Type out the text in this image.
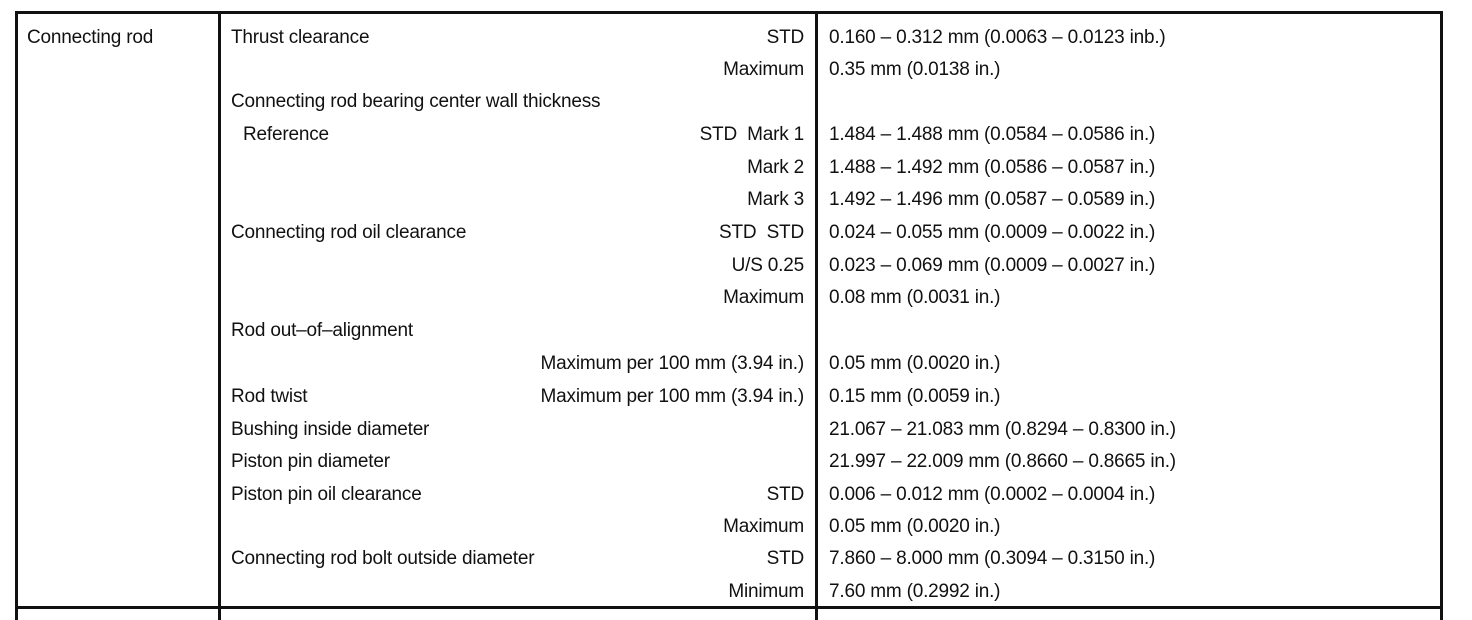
Connecting rod	Thrust clearance	STD 0.160 – 0.312 mm (0.0063 – 0.0123 inb.)
Maximum 0.35 mm (0.0138 in.)
Connecting rod bearing center wall thickness
Reference	STD  Mark 1 1.484 – 1.488 mm (0.0584 – 0.0586 in.)
Mark 2 1.488 – 1.492 mm (0.0586 – 0.0587 in.)
Mark 3 1.492 – 1.496 mm (0.0587 – 0.0589 in.)
Connecting rod oil clearance	STD  STD 0.024 – 0.055 mm (0.0009 – 0.0022 in.)
U/S 0.25 0.023 – 0.069 mm (0.0009 – 0.0027 in.)
Maximum 0.08 mm (0.0031 in.)
Rod out–of–alignment
Maximum per 100 mm (3.94 in.) 0.05 mm (0.0020 in.)
Rod twist	Maximum per 100 mm (3.94 in.) 0.15 mm (0.0059 in.)
Bushing inside diameter	21.067 – 21.083 mm (0.8294 – 0.8300 in.)
Piston pin diameter	21.997 – 22.009 mm (0.8660 – 0.8665 in.)
Piston pin oil clearance	STD 0.006 – 0.012 mm (0.0002 – 0.0004 in.)
Maximum 0.05 mm (0.0020 in.)
Connecting rod bolt outside diameter	STD 7.860 – 8.000 mm (0.3094 – 0.3150 in.)
Minimum 7.60 mm (0.2992 in.)
